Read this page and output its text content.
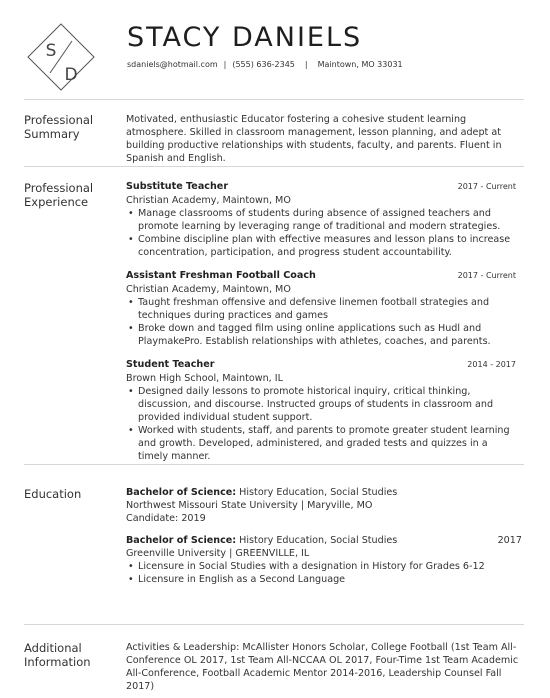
S
D
STACY DANIELS
sdaniels@hotmail.com | (555) 636-2345 | Maintown, MO 33031
Professional
Summary
Motivated, enthusiastic Educator fostering a cohesive student learning atmosphere. Skilled in classroom management, lesson planning, and adept at building productive relationships with students, faculty, and parents. Fluent in Spanish and English.
Professional
Experience
Substitute Teacher	2017 - Current
Christian Academy, Maintown, MO
• Manage classrooms of students during absence of assigned teachers and promote learning by leveraging range of traditional and modern strategies.
• Combine discipline plan with effective measures and lesson plans to increase concentration, participation, and progress student accountability.
Assistant Freshman Football Coach	2017 - Current
Christian Academy, Maintown, MO
• Taught freshman offensive and defensive linemen football strategies and techniques during practices and games
• Broke down and tagged film using online applications such as Hudl and PlaymakePro. Establish relationships with athletes, coaches, and parents.
Student Teacher	2014 - 2017
Brown High School, Maintown, IL
• Designed daily lessons to promote historical inquiry, critical thinking, discussion, and discourse. Instructed groups of students in classroom and provided individual student support.
• Worked with students, staff, and parents to promote greater student learning and growth. Developed, administered, and graded tests and quizzes in a timely manner.
Education	Bachelor of Science: History Education, Social Studies
Northwest Missouri State University | Maryville, MO
Candidate: 2019
Bachelor of Science: History Education, Social Studies	2017
Greenville University | GREENVILLE, IL
• Licensure in Social Studies with a designation in History for Grades 6-12
• Licensure in English as a Second Language
Additional
Information
Activities & Leadership: McAllister Honors Scholar, College Football (1st Team All-Conference OL 2017, 1st Team All-NCCAA OL 2017, Four-Time 1st Team Academic All-Conference, Football Academic Mentor 2014-2016, Leadership Counsel Fall 2017)
